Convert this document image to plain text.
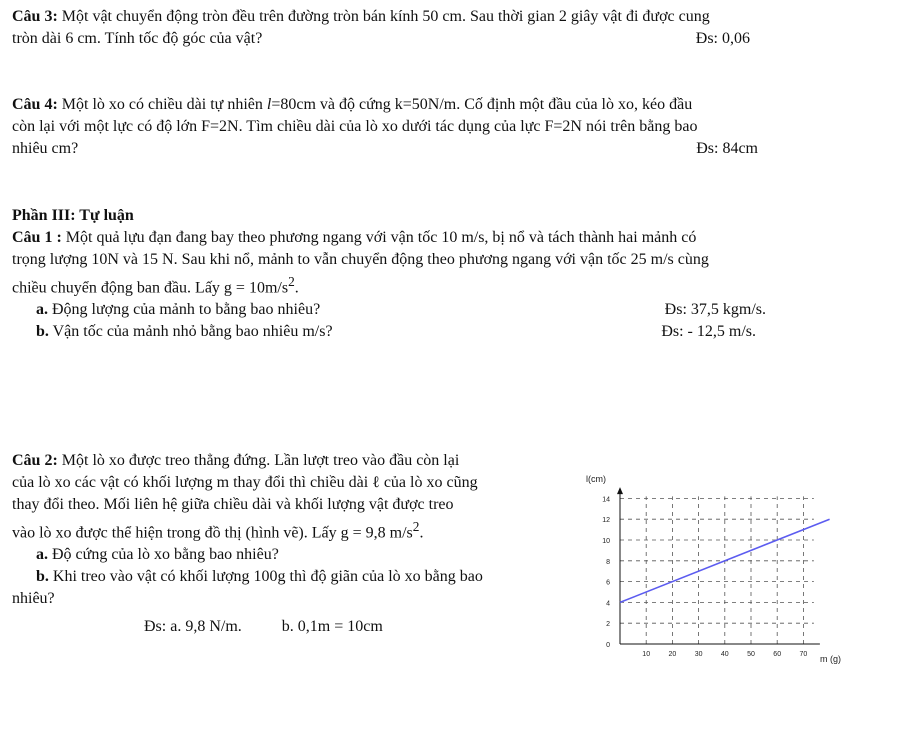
Câu 3: Một vật chuyển động tròn đều trên đường tròn bán kính 50 cm. Sau thời gian 2 giây vật đi được cung

tròn dài 6 cm. Tính tốc độ góc của vật?	Đs: 0,06

Câu 4: Một lò xo có chiều dài tự nhiên l=80cm và độ cứng k=50N/m. Cố định một đầu của lò xo, kéo đầu

còn lại với một lực có độ lớn F=2N. Tìm chiều dài của lò xo dưới tác dụng của lực F=2N nói trên bằng bao

nhiêu cm?	Đs: 84cm

Phần III: Tự luận

Câu 1 : Một quả lựu đạn đang bay theo phương ngang với vận tốc 10 m/s, bị nổ và tách thành hai mảnh có

trọng lượng 10N và 15 N. Sau khi nổ, mảnh to vẫn chuyển động theo phương ngang với vận tốc 25 m/s cùng

chiều chuyển động ban đầu. Lấy $g = 10m/s^2$.

a. Động lượng của mảnh to bằng bao nhiêu?	Đs: 37,5 kgm/s.

b. Vận tốc của mảnh nhỏ bằng bao nhiêu m/s?	Đs: - 12,5 m/s.

Câu 2: Một lò xo được treo thẳng đứng. Lần lượt treo vào đầu còn lại

của lò xo các vật có khối lượng m thay đổi thì chiều dài ℓ của lò xo cũng

thay đổi theo. Mối liên hệ giữa chiều dài và khối lượng vật được treo

vào lò xo được thể hiện trong đồ thị (hình vẽ). Lấy g = 9,8 $m/s^2$.

a. Độ cứng của lò xo bằng bao nhiêu?

b. Khi treo vào vật có khối lượng 100g thì độ giãn của lò xo bằng bao

nhiêu?

Đs: a. 9,8 N/m.	b. 0,1m = 10cm

10	20	30	40	50	60	70
0
2
4
6
8
10
12
14
l(cm)
m (g)
